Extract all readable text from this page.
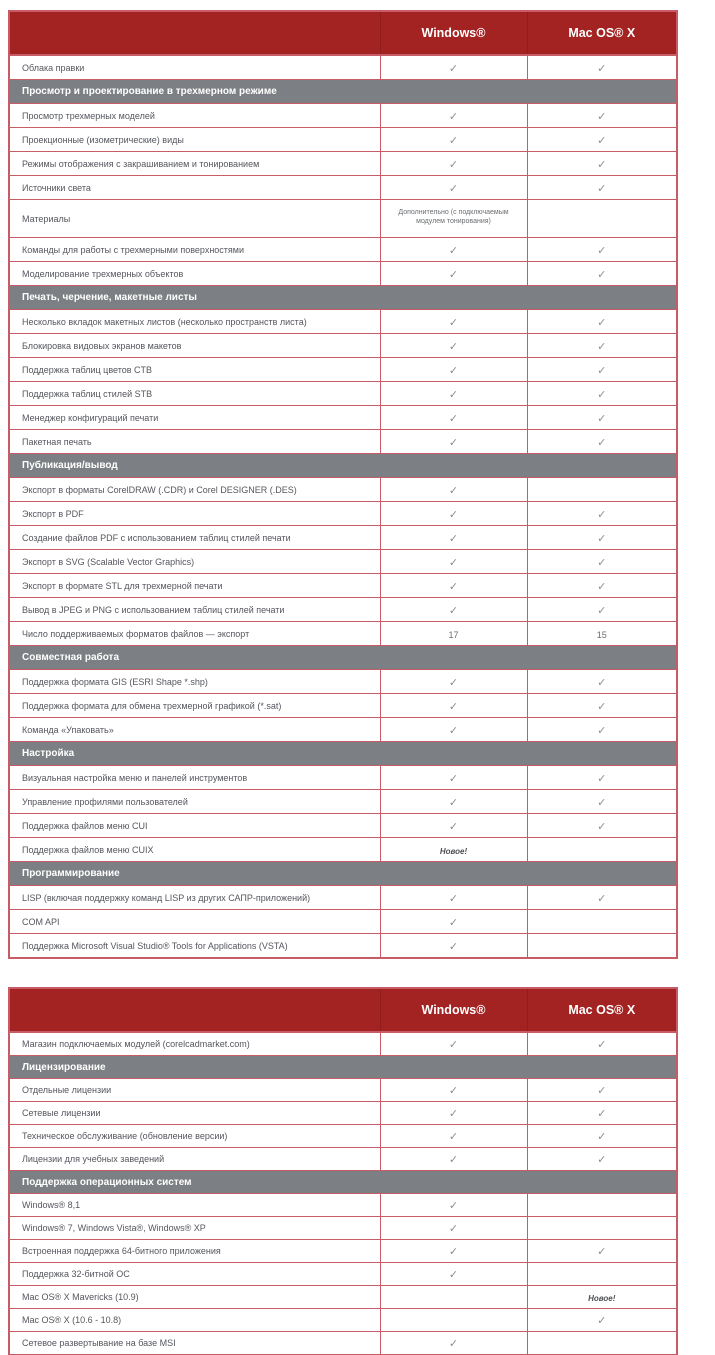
	Windows®	Mac OS® X
Облака правки	✓	✓
Просмотр и проектирование в трехмерном режиме		
Просмотр трехмерных моделей	✓	✓
Проекционные (изометрические) виды	✓	✓
Режимы отображения с закрашиванием и тонированием	✓	✓
Источники света	✓	✓
Материалы	Дополнительно (с подключаемым модулем тонирования)	
Команды для работы с трехмерными поверхностями	✓	✓
Моделирование трехмерных объектов	✓	✓
Печать, черчение, макетные листы		
Несколько вкладок макетных листов (несколько пространств листа)	✓	✓
Блокировка видовых экранов макетов	✓	✓
Поддержка таблиц цветов CTB	✓	✓
Поддержка таблиц стилей STB	✓	✓
Менеджер конфигураций печати	✓	✓
Пакетная печать	✓	✓
Публикация/вывод		
Экспорт в форматы CorelDRAW (.CDR) и Corel DESIGNER (.DES)	✓	
Экспорт в PDF	✓	✓
Создание файлов PDF с использованием таблиц стилей печати	✓	✓
Экспорт в SVG (Scalable Vector Graphics)	✓	✓
Экспорт в формате STL для трехмерной печати	✓	✓
Вывод в JPEG и PNG с использованием таблиц стилей печати	✓	✓
Число поддерживаемых форматов файлов — экспорт	17	15
Совместная работа		
Поддержка формата GIS (ESRI Shape *.shp)	✓	✓
Поддержка формата для обмена трехмерной графикой (*.sat)	✓	✓
Команда «Упаковать»	✓	✓
Настройка		
Визуальная настройка меню и панелей инструментов	✓	✓
Управление профилями пользователей	✓	✓
Поддержка файлов меню CUI	✓	✓
Поддержка файлов меню CUIX	Новое!	
Программирование		
LISP (включая поддержку команд LISP из других САПР-приложений)	✓	✓
COM API	✓	
Поддержка Microsoft Visual Studio® Tools for Applications (VSTA)	✓	
	Windows®	Mac OS® X
Магазин подключаемых модулей (corelcadmarket.com)	✓	✓
Лицензирование		
Отдельные лицензии	✓	✓
Сетевые лицензии	✓	✓
Техническое обслуживание (обновление версии)	✓	✓
Лицензии для учебных заведений	✓	✓
Поддержка операционных систем		
Windows® 8,1	✓	
Windows® 7, Windows Vista®, Windows® XP	✓	
Встроенная поддержка 64-битного приложения	✓	✓
Поддержка 32-битной ОС	✓	
Mac OS® X Mavericks (10.9)		Новое!
Mac OS® X (10.6 - 10.8)		✓
Сетевое развертывание на базе MSI	✓	
